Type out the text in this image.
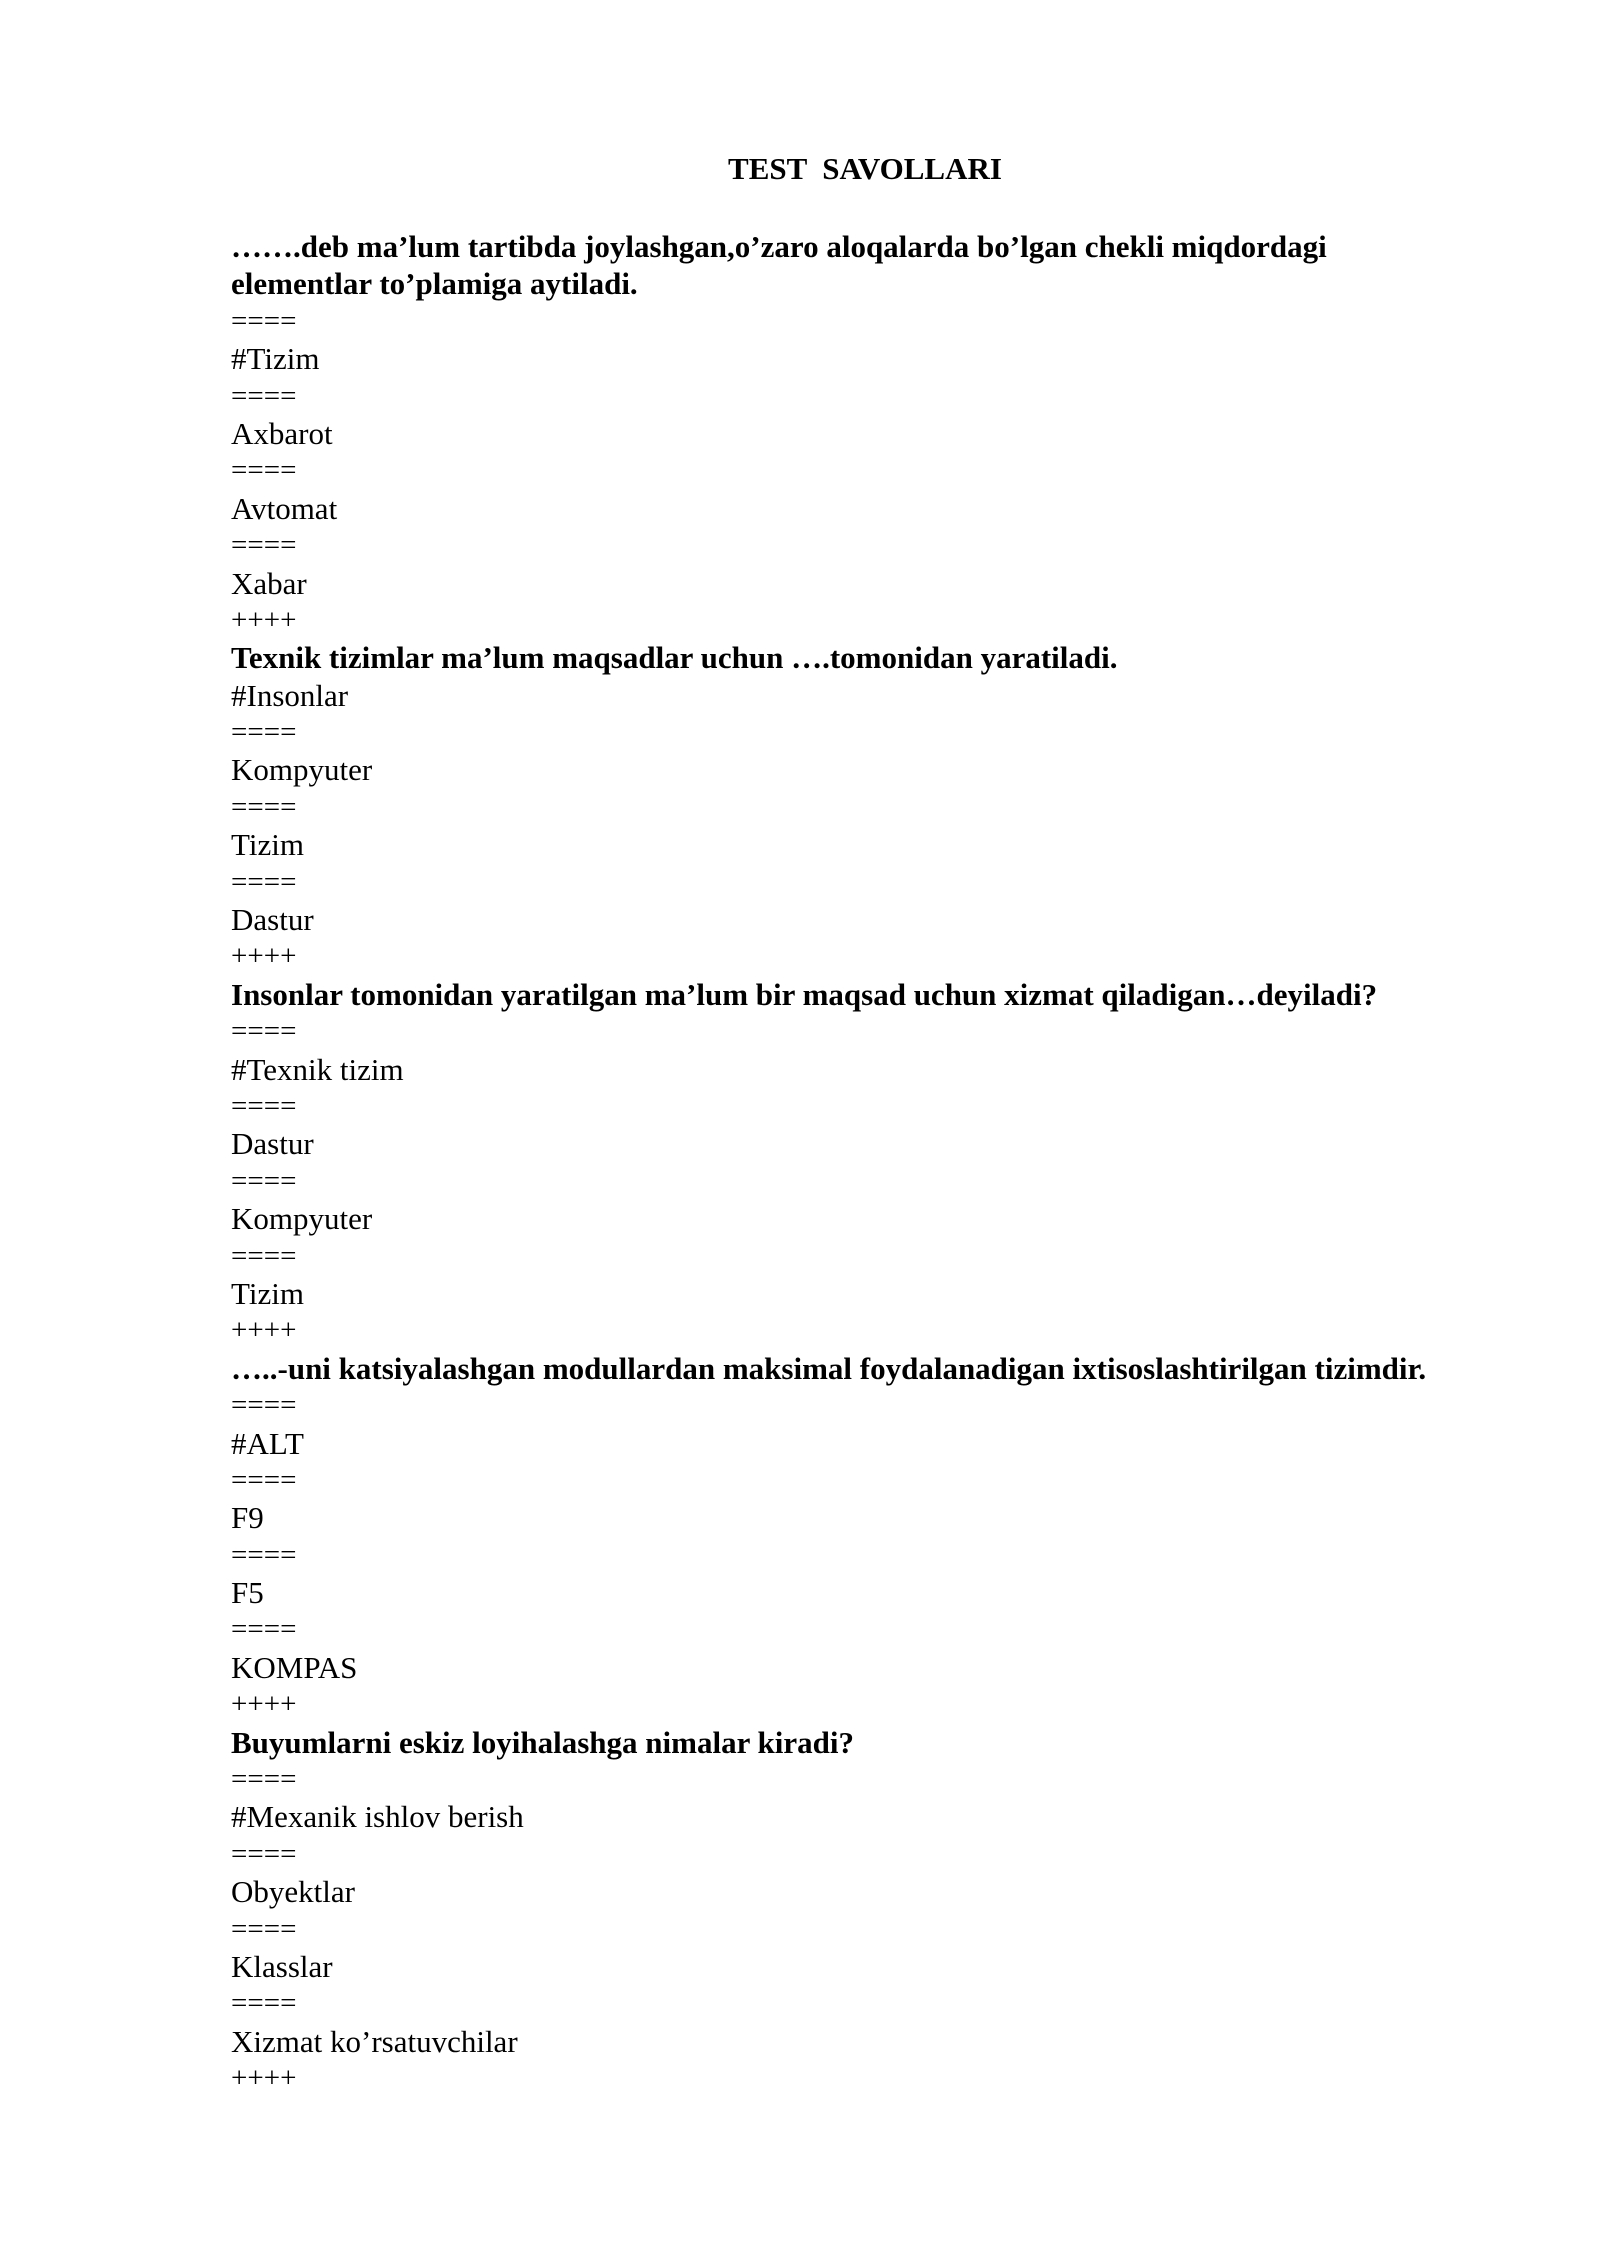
TEST  SAVOLLARI
…….deb ma’lum tartibda joylashgan,o’zaro aloqalarda bo’lgan chekli miqdordagi
elementlar to’plamiga aytiladi.
====
#Tizim
====
Axbarot
====
Avtomat
====
Xabar
++++
Texnik tizimlar ma’lum maqsadlar uchun ….tomonidan yaratiladi.
#Insonlar
====
Kompyuter
====
Tizim
====
Dastur
++++
Insonlar tomonidan yaratilgan ma’lum bir maqsad uchun xizmat qiladigan…deyiladi?
====
#Texnik tizim
====
Dastur
====
Kompyuter
====
Tizim
++++
…..-uni katsiyalashgan modullardan maksimal foydalanadigan ixtisoslashtirilgan tizimdir.
====
#ALT
====
F9
====
F5
====
KOMPAS
++++
Buyumlarni eskiz loyihalashga nimalar kiradi?
====
#Mexanik ishlov berish
====
Obyektlar
====
Klasslar
====
Xizmat ko’rsatuvchilar
++++
